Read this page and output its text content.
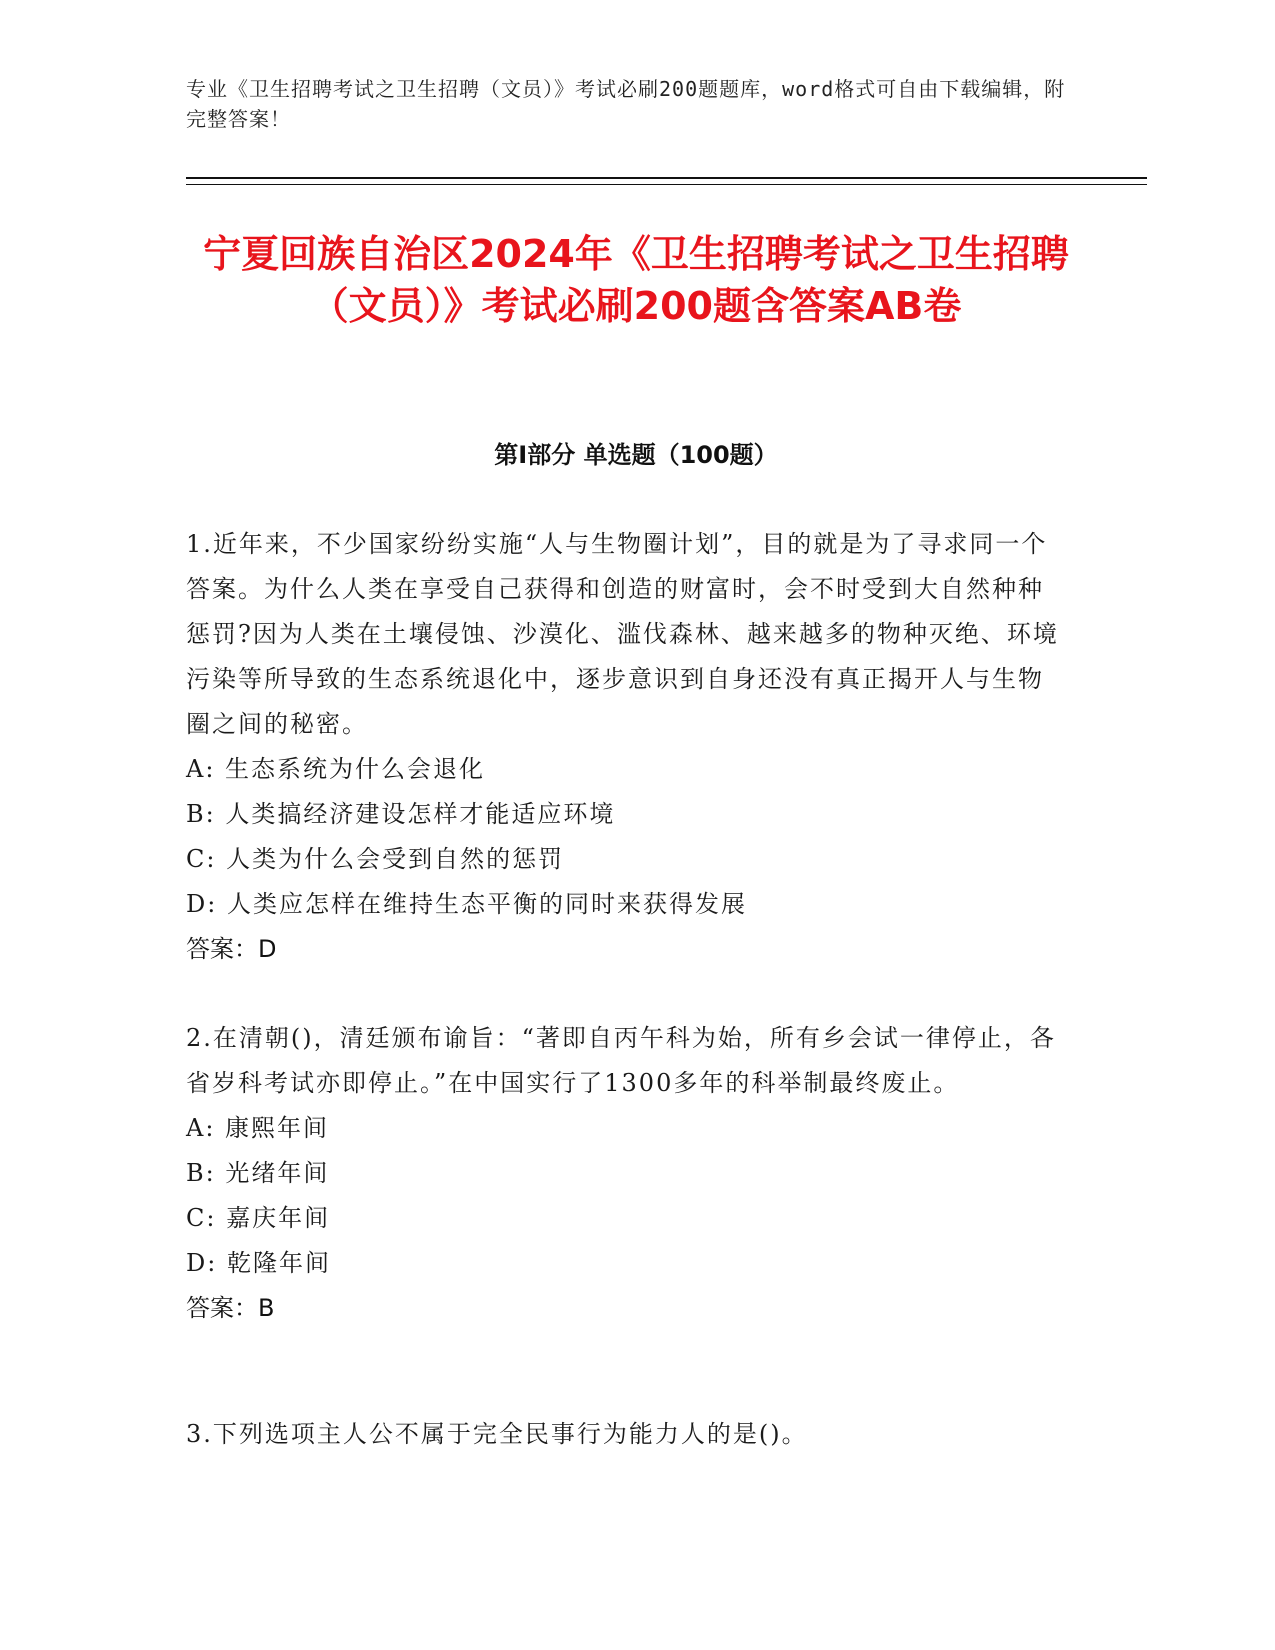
专业《卫生招聘考试之卫生招聘（文员）》考试必刷200题题库，word格式可自由下载编辑，附完整答案！
宁夏回族自治区2024年《卫生招聘考试之卫生招聘（文员）》考试必刷200题含答案AB卷
第I部分 单选题（100题）

1.近年来，不少国家纷纷实施“人与生物圈计划”，目的就是为了寻求同一个答案。为什么人类在享受自己获得和创造的财富时，会不时受到大自然种种惩罚?因为人类在土壤侵蚀、沙漠化、滥伐森林、越来越多的物种灭绝、环境污染等所导致的生态系统退化中，逐步意识到自身还没有真正揭开人与生物圈之间的秘密。

A: 生态系统为什么会退化

B: 人类搞经济建设怎样才能适应环境

C: 人类为什么会受到自然的惩罚

D: 人类应怎样在维持生态平衡的同时来获得发展

答案：D

2.在清朝()，清廷颁布谕旨：“著即自丙午科为始，所有乡会试一律停止，各省岁科考试亦即停止。”在中国实行了1300多年的科举制最终废止。

A: 康熙年间

B: 光绪年间

C: 嘉庆年间

D: 乾隆年间

答案：B

3.下列选项主人公不属于完全民事行为能力人的是()。
